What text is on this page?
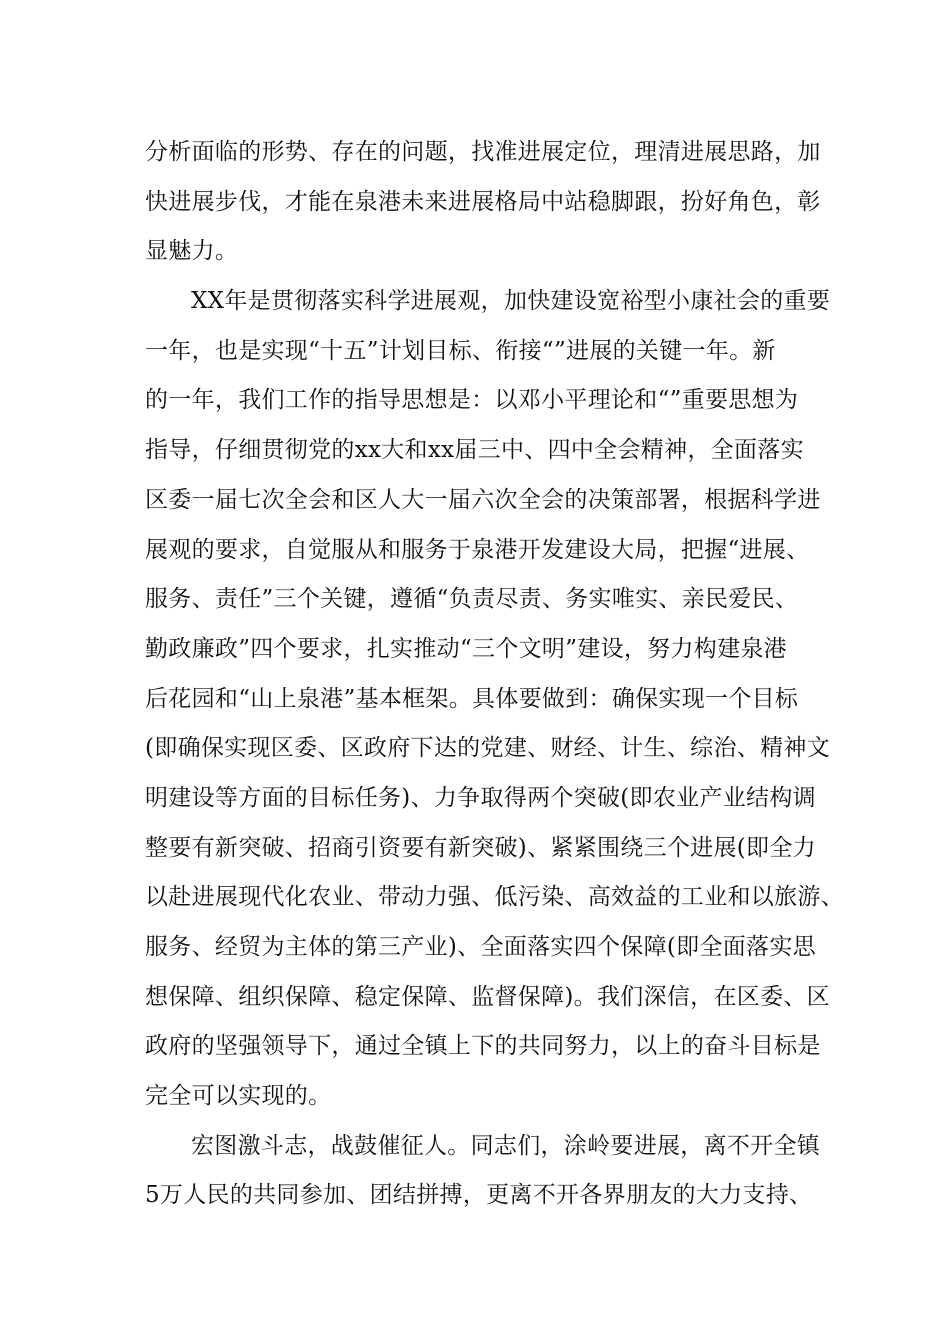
分析面临的形势、存在的问题，找准进展定位，理清进展思路，加
快进展步伐，才能在泉港未来进展格局中站稳脚跟，扮好角色，彰
显魅力。
XX年是贯彻落实科学进展观，加快建设宽裕型小康社会的重要
一年，也是实现“十五”计划目标、衔接“”进展的关键一年。新
的一年，我们工作的指导思想是：以邓小平理论和“”重要思想为
指导，仔细贯彻党的xx大和xx届三中、四中全会精神，全面落实
区委一届七次全会和区人大一届六次全会的决策部署，根据科学进
展观的要求，自觉服从和服务于泉港开发建设大局，把握“进展、
服务、责任”三个关键，遵循“负责尽责、务实唯实、亲民爱民、
勤政廉政”四个要求，扎实推动“三个文明”建设，努力构建泉港
后花园和“山上泉港”基本框架。具体要做到：确保实现一个目标
(即确保实现区委、区政府下达的党建、财经、计生、综治、精神文
明建设等方面的目标任务)、力争取得两个突破(即农业产业结构调
整要有新突破、招商引资要有新突破)、紧紧围绕三个进展(即全力
以赴进展现代化农业、带动力强、低污染、高效益的工业和以旅游、
服务、经贸为主体的第三产业)、全面落实四个保障(即全面落实思
想保障、组织保障、稳定保障、监督保障)。我们深信，在区委、区
政府的坚强领导下，通过全镇上下的共同努力，以上的奋斗目标是
完全可以实现的。
宏图激斗志，战鼓催征人。同志们，涂岭要进展，离不开全镇
5万人民的共同参加、团结拼搏，更离不开各界朋友的大力支持、
